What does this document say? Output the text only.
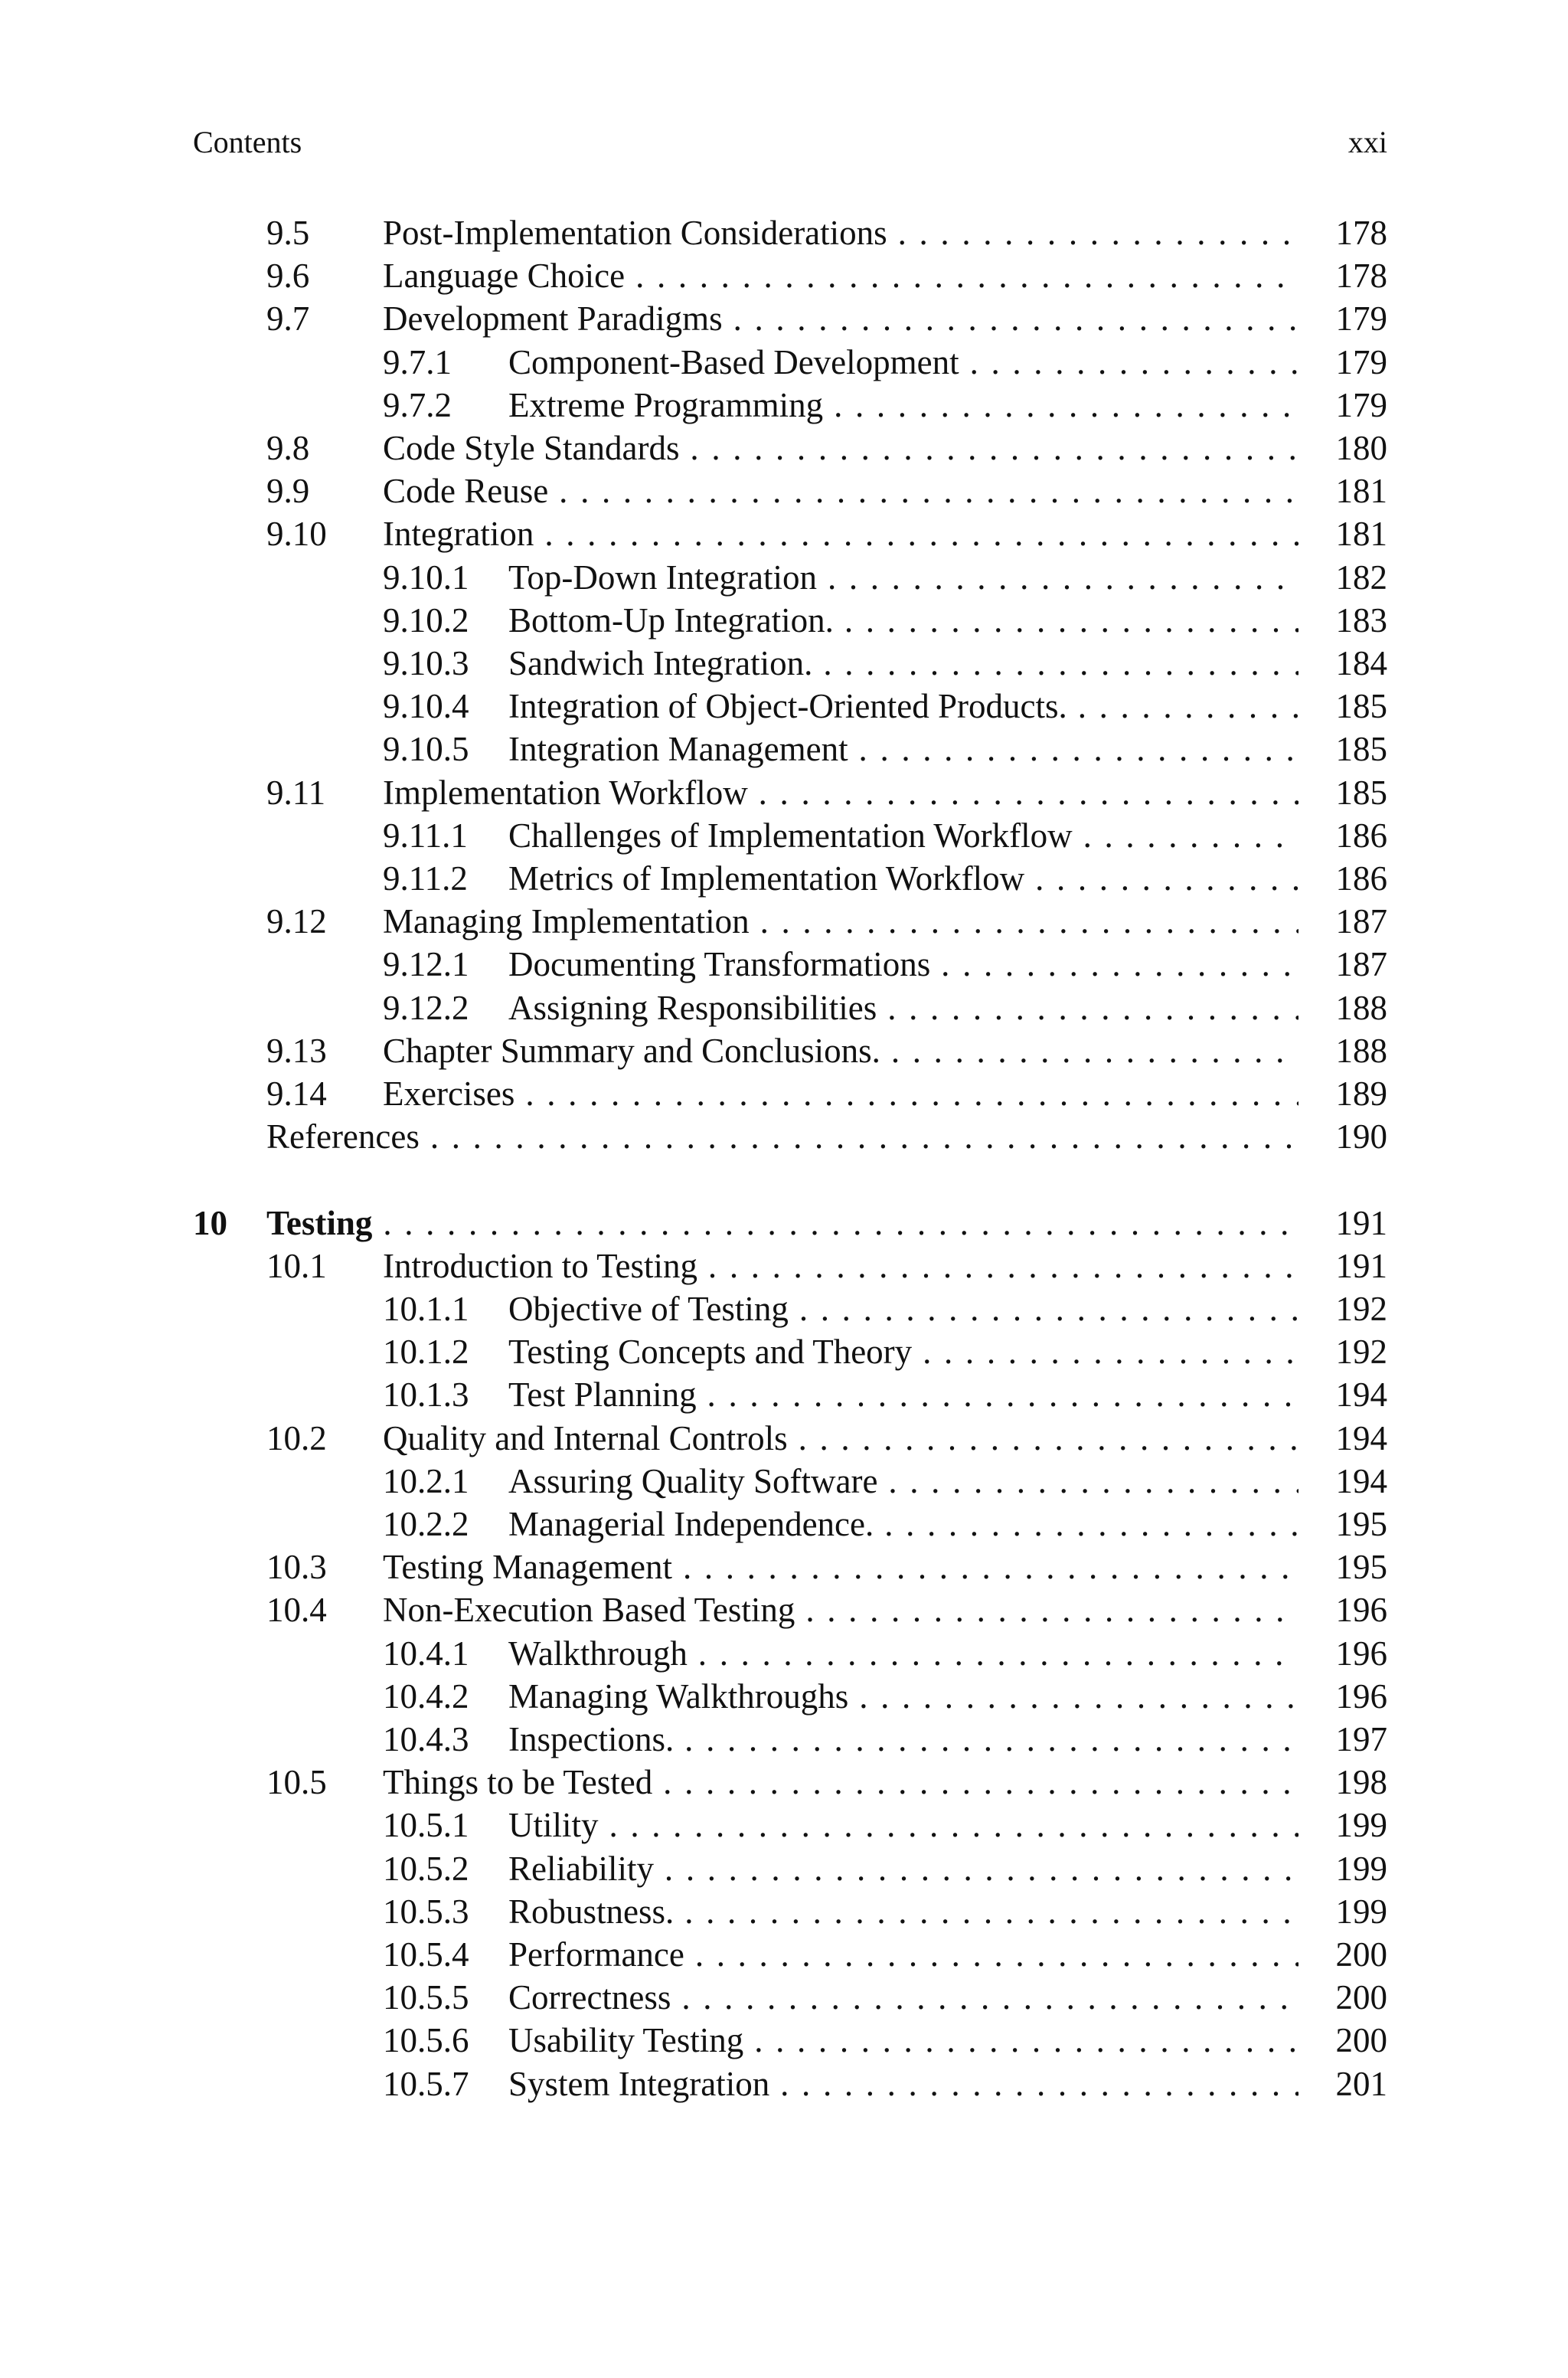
Contents	xxi
9.5 Post-Implementation Considerations . . .	178
9.6 Language Choice . . .	178
9.7 Development Paradigms . . .	179
9.7.1 Component-Based Development . . .	179
9.7.2 Extreme Programming . . .	179
9.8 Code Style Standards . . .	180
9.9 Code Reuse . . .	181
9.10 Integration . . .	181
9.10.1 Top-Down Integration . . .	182
9.10.2 Bottom-Up Integration. . . .	183
9.10.3 Sandwich Integration. . . .	184
9.10.4 Integration of Object-Oriented Products. . . .	185
9.10.5 Integration Management . . .	185
9.11 Implementation Workflow . . .	185
9.11.1 Challenges of Implementation Workflow . . .	186
9.11.2 Metrics of Implementation Workflow . . .	186
9.12 Managing Implementation . . .	187
9.12.1 Documenting Transformations . . .	187
9.12.2 Assigning Responsibilities . . .	188
9.13 Chapter Summary and Conclusions. . . .	188
9.14 Exercises . . .	189
References . . .	190
10 Testing . . .	191
10.1 Introduction to Testing . . .	191
10.1.1 Objective of Testing . . .	192
10.1.2 Testing Concepts and Theory . . .	192
10.1.3 Test Planning . . .	194
10.2 Quality and Internal Controls . . .	194
10.2.1 Assuring Quality Software . . .	194
10.2.2 Managerial Independence. . . .	195
10.3 Testing Management . . .	195
10.4 Non-Execution Based Testing . . .	196
10.4.1 Walkthrough . . .	196
10.4.2 Managing Walkthroughs . . .	196
10.4.3 Inspections. . . .	197
10.5 Things to be Tested . . .	198
10.5.1 Utility . . .	199
10.5.2 Reliability . . .	199
10.5.3 Robustness. . . .	199
10.5.4 Performance . . .	200
10.5.5 Correctness . . .	200
10.5.6 Usability Testing . . .	200
10.5.7 System Integration . . .	201
